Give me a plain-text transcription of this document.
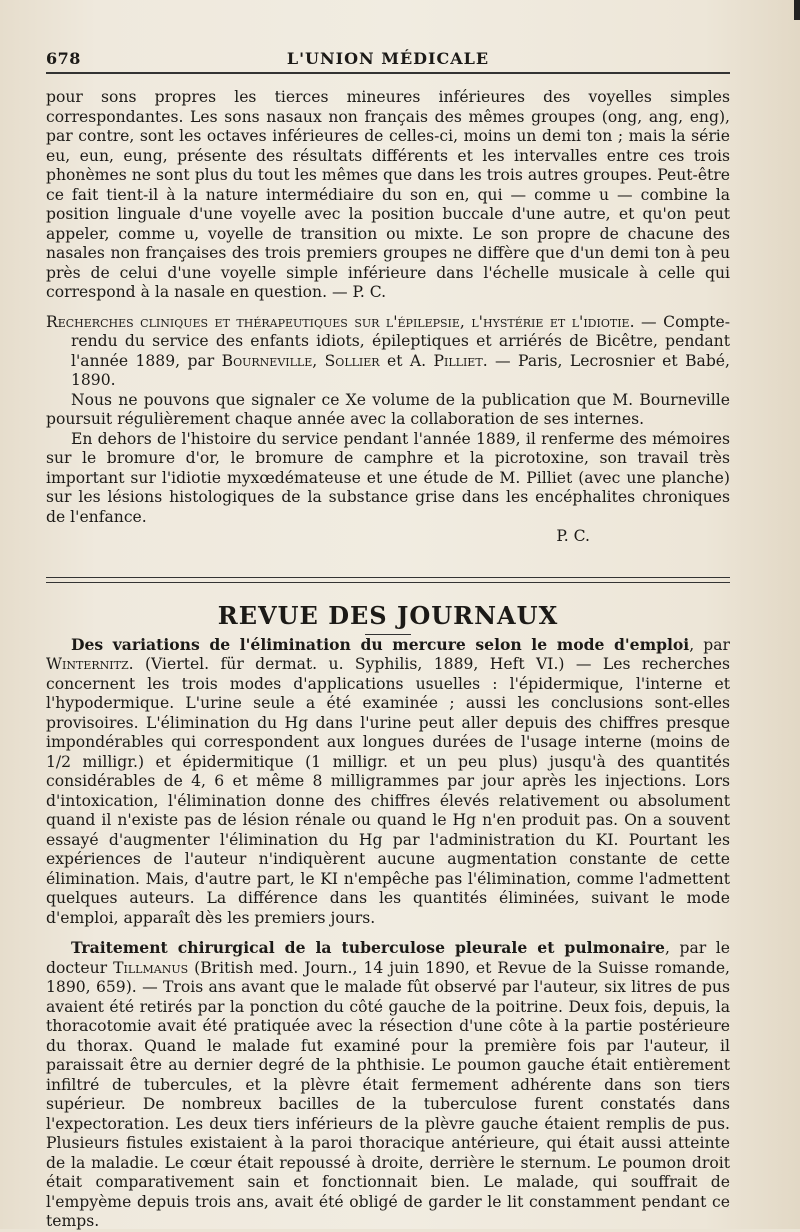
678	L'UNION MÉDICALE

pour sons propres les tierces mineures inférieures des voyelles simples correspondantes. Les sons nasaux non français des mêmes groupes (ong, ang, eng), par contre, sont les octaves inférieures de celles-ci, moins un demi ton ; mais la série eu, eun, eung, présente des résultats différents et les intervalles entre ces trois phonèmes ne sont plus du tout les mêmes que dans les trois autres groupes. Peut-être ce fait tient-il à la nature intermédiaire du son en, qui — comme u — combine la position linguale d'une voyelle avec la position buccale d'une autre, et qu'on peut appeler, comme u, voyelle de transition ou mixte. Le son propre de chacune des nasales non françaises des trois premiers groupes ne diffère que d'un demi ton à peu près de celui d'une voyelle simple inférieure dans l'échelle musicale à celle qui correspond à la nasale en question. — P. C.

Recherches cliniques et thérapeutiques sur l'épilepsie, l'hystérie et l'idiotie. — Compte-rendu du service des enfants idiots, épileptiques et arriérés de Bicêtre, pendant l'année 1889, par Bourneville, Sollier et A. Pilliet. — Paris, Lecrosnier et Babé, 1890.

Nous ne pouvons que signaler ce Xe volume de la publication que M. Bourneville poursuit régulièrement chaque année avec la collaboration de ses internes.

En dehors de l'histoire du service pendant l'année 1889, il renferme des mémoires sur le bromure d'or, le bromure de camphre et la picrotoxine, son travail très important sur l'idiotie myxœdémateuse et une étude de M. Pilliet (avec une planche) sur les lésions histologiques de la substance grise dans les encéphalites chroniques de l'enfance.

P. C.
REVUE DES JOURNAUX

Des variations de l'élimination du mercure selon le mode d'emploi, par Winternitz. (Viertel. für dermat. u. Syphilis, 1889, Heft VI.) — Les recherches concernent les trois modes d'applications usuelles : l'épidermique, l'interne et l'hypodermique. L'urine seule a été examinée ; aussi les conclusions sont-elles provisoires. L'élimination du Hg dans l'urine peut aller depuis des chiffres presque impondérables qui correspondent aux longues durées de l'usage interne (moins de 1/2 milligr.) et épidermitique (1 milligr. et un peu plus) jusqu'à des quantités considérables de 4, 6 et même 8 milligrammes par jour après les injections. Lors d'intoxication, l'élimination donne des chiffres élevés relativement ou absolument quand il n'existe pas de lésion rénale ou quand le Hg n'en produit pas. On a souvent essayé d'augmenter l'élimination du Hg par l'administration du KI. Pourtant les expériences de l'auteur n'indiquèrent aucune augmentation constante de cette élimination. Mais, d'autre part, le KI n'empêche pas l'élimination, comme l'admettent quelques auteurs. La différence dans les quantités éliminées, suivant le mode d'emploi, apparaît dès les premiers jours.

Traitement chirurgical de la tuberculose pleurale et pulmonaire, par le docteur Tillmanus (British med. Journ., 14 juin 1890, et Revue de la Suisse romande, 1890, 659). — Trois ans avant que le malade fût observé par l'auteur, six litres de pus avaient été retirés par la ponction du côté gauche de la poitrine. Deux fois, depuis, la thoracotomie avait été pratiquée avec la résection d'une côte à la partie postérieure du thorax. Quand le malade fut examiné pour la première fois par l'auteur, il paraissait être au dernier degré de la phthisie. Le poumon gauche était entièrement infiltré de tubercules, et la plèvre était fermement adhérente dans son tiers supérieur. De nombreux bacilles de la tuberculose furent constatés dans l'expectoration. Les deux tiers inférieurs de la plèvre gauche étaient remplis de pus. Plusieurs fistules existaient à la paroi thoracique antérieure, qui était aussi atteinte de la maladie. Le cœur était repoussé à droite, derrière le sternum. Le poumon droit était comparativement sain et fonctionnait bien. Le malade, qui souffrait de l'empyème depuis trois ans, avait été obligé de garder le lit constamment pendant ce temps.
